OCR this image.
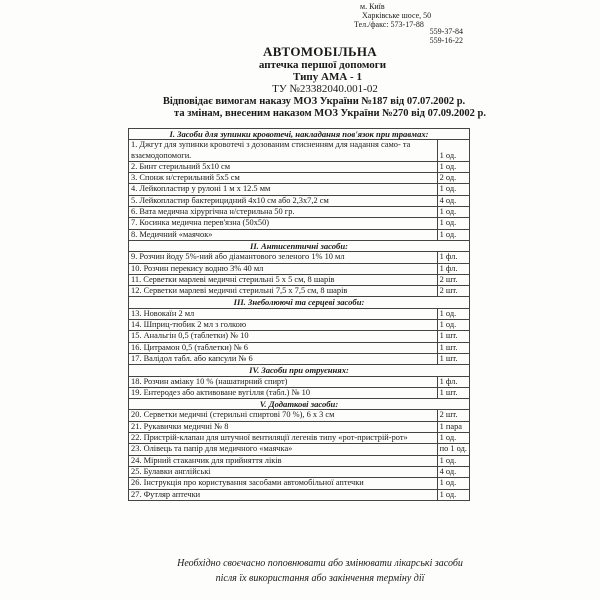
м. Київ
Харківське шосе, 50
Тел./факс: 573-17-88
559-37-84
559-16-22
АВТОМОБІЛЬНА
аптечка першої допомоги
Типу АМА - 1
ТУ №23382040.001-02
Відповідає вимогам наказу МОЗ України №187 від 07.07.2002 р.
та змінам, внесеним наказом МОЗ України №270 від 07.09.2002 р.
І. Засоби для зупинки кровотечі, накладання пов'язок при травмах:	
1. Джгут для зупинки кровотечі з дозованим стисненням для надання само- та взаємодопомоги.	1 од.
2. Бинт стерильний 5х10 см	1 од.
3. Спонж н/стерильний 5х5 см	2 од.
4. Лейкопластир у рулоні 1 м х 12.5 мм	1 од.
5. Лейкопластир бактерицидний 4х10 см або 2,3х7,2 см	4 од.
6. Вата медична хірургічна н/стерильна 50 гр.	1 од.
7. Косинка медична перев'язна (50х50)	1 од.
8. Медичний «маячок»	1 од.
ІІ. Антисептичні засоби:	
9. Розчин йоду 5%-ний або діамантового зеленого 1% 10 мл	1 фл.
10. Розчин перекису водню 3% 40 мл	1 фл.
11. Серветки марлеві медичні стерильні 5 х 5 см, 8 шарів	2 шт.
12. Серветки марлеві медичні стерильні 7,5 х 7,5 см, 8 шарів	2 шт.
ІІІ. Знеболюючі та серцеві засоби:	
13. Новокаїн 2 мл	1 од.
14. Шприц-тюбик 2 мл з голкою	1 од.
15. Анальгін 0,5 (таблетки) № 10	1 шт.
16. Цитрамон 0,5 (таблетки) № 6	1 шт.
17. Валідол табл. або капсули № 6	1 шт.
IV. Засоби при отруєннях:	
18. Розчин аміаку 10 % (нашатирний спирт)	1 фл.
19. Ентеродез або активоване вугілля (табл.) № 10	1 шт.
V. Додаткові засоби:	
20. Серветки медичні (стерильні спиртові 70 %), 6 х 3 см	2 шт.
21. Рукавички медичні № 8	1 пара
22. Пристрій-клапан для штучної вентиляції легенів типу «рот-пристрій-рот»	1 од.
23. Олівець та папір для медичного «маячка»	по 1 од.
24. Мірний стаканчик для прийняття ліків	1 од.
25. Булавки англійські	4 од.
26. Інструкція про користування засобами автомобільної аптечки	1 од.
27. Футляр аптечки	1 од.
Необхідно своєчасно поповнювати або змінювати лікарські засоби
після їх використання або закінчення терміну дії
